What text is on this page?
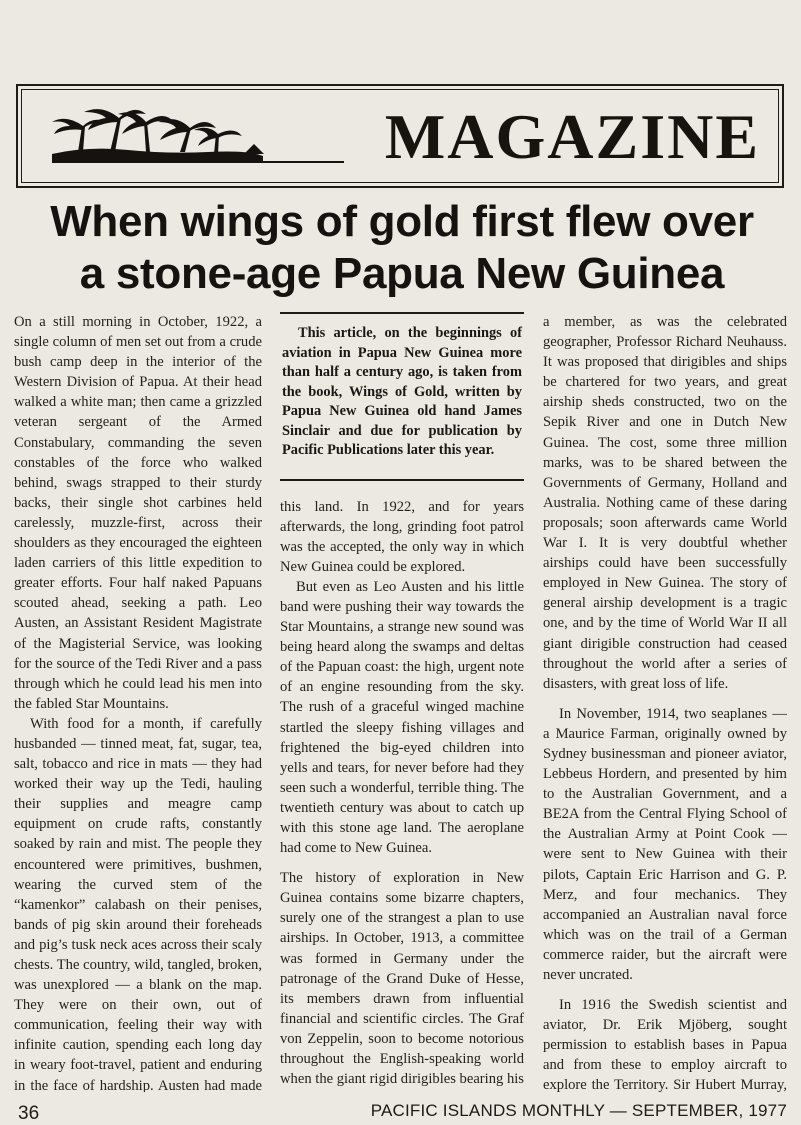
MAGAZINE
When wings of gold first flew over
a stone-age Papua New Guinea

On a still morning in October, 1922, a single column of men set out from a crude bush camp deep in the interior of the Western Division of Papua. At their head walked a white man; then came a grizzled veteran sergeant of the Armed Constabulary, commanding the seven constables of the force who walked behind, swags strapped to their sturdy backs, their single shot carbines held carelessly, muzzle-first, across their shoulders as they encouraged the eighteen laden carriers of this little expedition to greater efforts. Four half naked Papuans scouted ahead, seeking a path. Leo Austen, an Assistant Resident Magistrate of the Magisterial Service, was looking for the source of the Tedi River and a pass through which he could lead his men into the fabled Star Mountains.

With food for a month, if carefully husbanded — tinned meat, fat, sugar, tea, salt, tobacco and rice in mats — they had worked their way up the Tedi, hauling their supplies and meagre camp equipment on crude rafts, constantly soaked by rain and mist. The people they encountered were primitives, bushmen, wearing the curved stem of the “kamenkor” calabash on their penises, bands of pig skin around their foreheads and pig’s tusk neck aces across their scaly chests. The country, wild, tangled, broken, was unexplored — a blank on the map. They were on their own, out of communication, feeling their way with infinite caution, spending each long day in weary foot-travel, patient and enduring in the face of hardship. Austen had made

This article, on the beginnings of aviation in Papua New Guinea more than half a century ago, is taken from the book, Wings of Gold, written by Papua New Guinea old hand James Sinclair and due for publication by Pacific Publications later this year.

this land. In 1922, and for years afterwards, the long, grinding foot patrol was the accepted, the only way in which New Guinea could be explored.

But even as Leo Austen and his little band were pushing their way towards the Star Mountains, a strange new sound was being heard along the swamps and deltas of the Papuan coast: the high, urgent note of an engine resounding from the sky. The rush of a graceful winged machine startled the sleepy fishing villages and frightened the big-eyed children into yells and tears, for never before had they seen such a wonderful, terrible thing. The twentieth century was about to catch up with this stone age land. The aeroplane had come to New Guinea.

The history of exploration in New Guinea contains some bizarre chapters, surely one of the strangest a plan to use airships. In October, 1913, a committee was formed in Germany under the patronage of the Grand Duke of Hesse, its members drawn from influential financial and scientific circles. The Graf von Zeppelin, soon to become notorious throughout the English-speaking world when the giant rigid dirigibles bearing his

a member, as was the celebrated geographer, Professor Richard Neuhauss. It was proposed that dirigibles and ships be chartered for two years, and great airship sheds constructed, two on the Sepik River and one in Dutch New Guinea. The cost, some three million marks, was to be shared between the Governments of Germany, Holland and Australia. Nothing came of these daring proposals; soon afterwards came World War I. It is very doubtful whether airships could have been successfully employed in New Guinea. The story of general airship development is a tragic one, and by the time of World War II all giant dirigible construction had ceased throughout the world after a series of disasters, with great loss of life.

In November, 1914, two seaplanes — a Maurice Farman, originally owned by Sydney businessman and pioneer aviator, Lebbeus Hordern, and presented by him to the Australian Government, and a BE2A from the Central Flying School of the Australian Army at Point Cook — were sent to New Guinea with their pilots, Captain Eric Harrison and G. P. Merz, and four mechanics. They accompanied an Australian naval force which was on the trail of a German commerce raider, but the aircraft were never uncrated.

In 1916 the Swedish scientist and aviator, Dr. Erik Mjöberg, sought permission to establish bases in Papua and from these to employ aircraft to explore the Territory. Sir Hubert Murray,

36	PACIFIC ISLANDS MONTHLY — SEPTEMBER, 1977
